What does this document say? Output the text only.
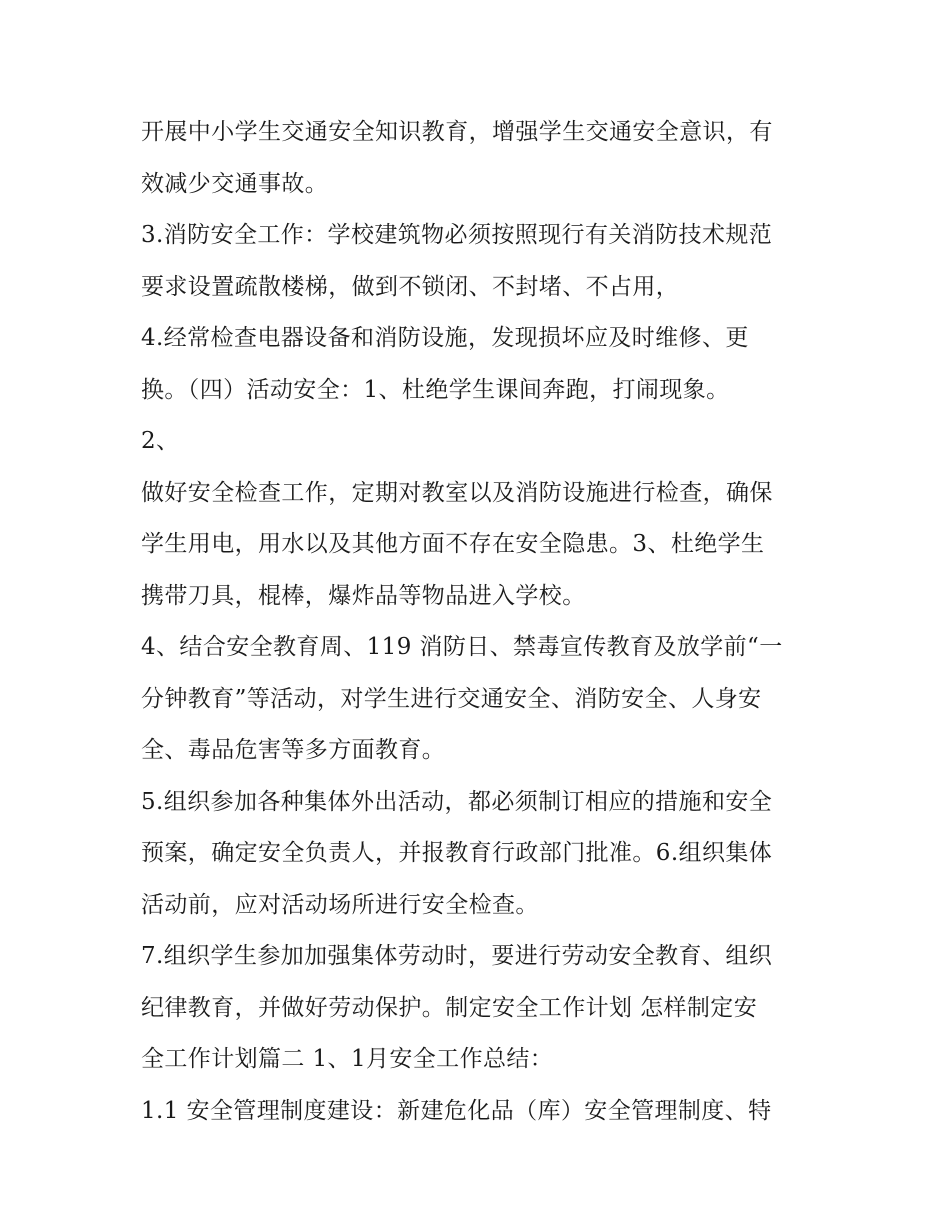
开展中小学生交通安全知识教育，增强学生交通安全意识，有
效减少交通事故。
3.消防安全工作：学校建筑物必须按照现行有关消防技术规范
要求设置疏散楼梯，做到不锁闭、不封堵、不占用，
4.经常检查电器设备和消防设施，发现损坏应及时维修、更
换。（四）活动安全：1、杜绝学生课间奔跑，打闹现象。
2、
做好安全检查工作，定期对教室以及消防设施进行检查，确保
学生用电，用水以及其他方面不存在安全隐患。3、杜绝学生
携带刀具，棍棒，爆炸品等物品进入学校。
4、结合安全教育周、119 消防日、禁毒宣传教育及放学前“一
分钟教育”等活动，对学生进行交通安全、消防安全、人身安
全、毒品危害等多方面教育。
5.组织参加各种集体外出活动，都必须制订相应的措施和安全
预案，确定安全负责人，并报教育行政部门批准。6.组织集体
活动前，应对活动场所进行安全检查。
7.组织学生参加加强集体劳动时，要进行劳动安全教育、组织
纪律教育，并做好劳动保护。制定安全工作计划 怎样制定安
全工作计划篇二 1、1月安全工作总结：
1.1 安全管理制度建设：新建危化品（库）安全管理制度、特
